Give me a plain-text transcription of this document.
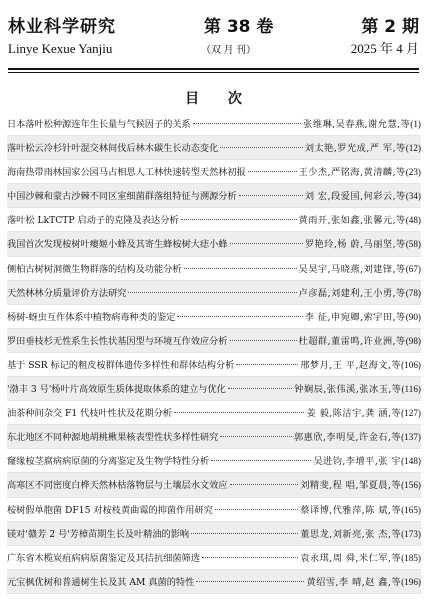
林业科学研究	第 38 卷	第 2 期
Linye Kexue Yanjiu	（双 月 刊）	2025 年 4 月
目 次
日本落叶松种源连年生长量与气候因子的关系	张维琳,吴春燕,谢允慧,等 (1)
落叶松云冷杉针叶混交林间伐后林木碳生长动态变化	刘太艳,罗光成,严 军,等 (12)
海南热带雨林国家公园马占相思人工林快速转型天然林初报	王少杰,严铭海,黄清麟,等 (23)
中国沙棘和蒙古沙棘不同区室细菌群落组特征与溯源分析	刘 宏,段爱国,何彩云,等 (34)
落叶松 LkTCTP 启动子的克隆及表达分析	黄雨开,张如鑫,张馨元,等 (48)
我国首次发现桉树叶瘿姬小蜂及其寄生蜂桉树大痣小蜂	罗艳玲,杨 蔚,马丽坚,等 (58)
侧柏古树树洞微生物群落的结构及功能分析	吴昊宇,马晓燕,刘建锋,等 (67)
天然林林分质量评价方法研究	卢彦磊,刘建利,王小勇,等 (78)
杨树-蚜虫互作体系中植物病毒种类的鉴定	李 征,申宛卿,索宇田,等 (90)
罗田垂枝杉无性系生长性状基因型与环境互作效应分析	杜超群,董雷鸣,许业洲,等 (98)
基于 SSR 标记的粗皮桉群体遗传多样性和群体结构分析	邢梦月,王 平,赵海文,等 (106)
'渤丰 3 号'杨叶片高效原生质体提取体系的建立与优化	钟娴辰,张伟溪,张冰玉,等 (116)
油茶种间杂交 F1 代枝叶性状及花期分析	姜 毅,陈洁宇,龚 涵,等 (127)
东北地区不同种源地胡桃楸果核表型性状多样性研究	郭惠欣,李明旻,许金石,等 (137)
窿缘桉茎腐病病原菌的分离鉴定及生物学特性分析	吴进钧,李增平,张 宇 (148)
高寒区不同密度白桦天然林枯落物层与土壤层水文效应	刘精斐,程 唱,邹夏晨,等 (156)
桉树假单胞菌 DF15 对桉枝黄曲霉的抑菌作用研究	蔡译博,代雅萍,陈 斌,等 (165)
镁对'赣芳 2 号'芳樟苗期生长及叶精油的影响	董思龙,刘新亮,张 杰,等 (173)
广东省木榄炭疽病病原菌鉴定及其拮抗细菌筛选	袁永琪,周 舜,米仁军,等 (185)
元宝枫优树和普通树生长及其 AM 真菌的特性	黄绍雪,李 晴,赵 鑫,等 (196)
